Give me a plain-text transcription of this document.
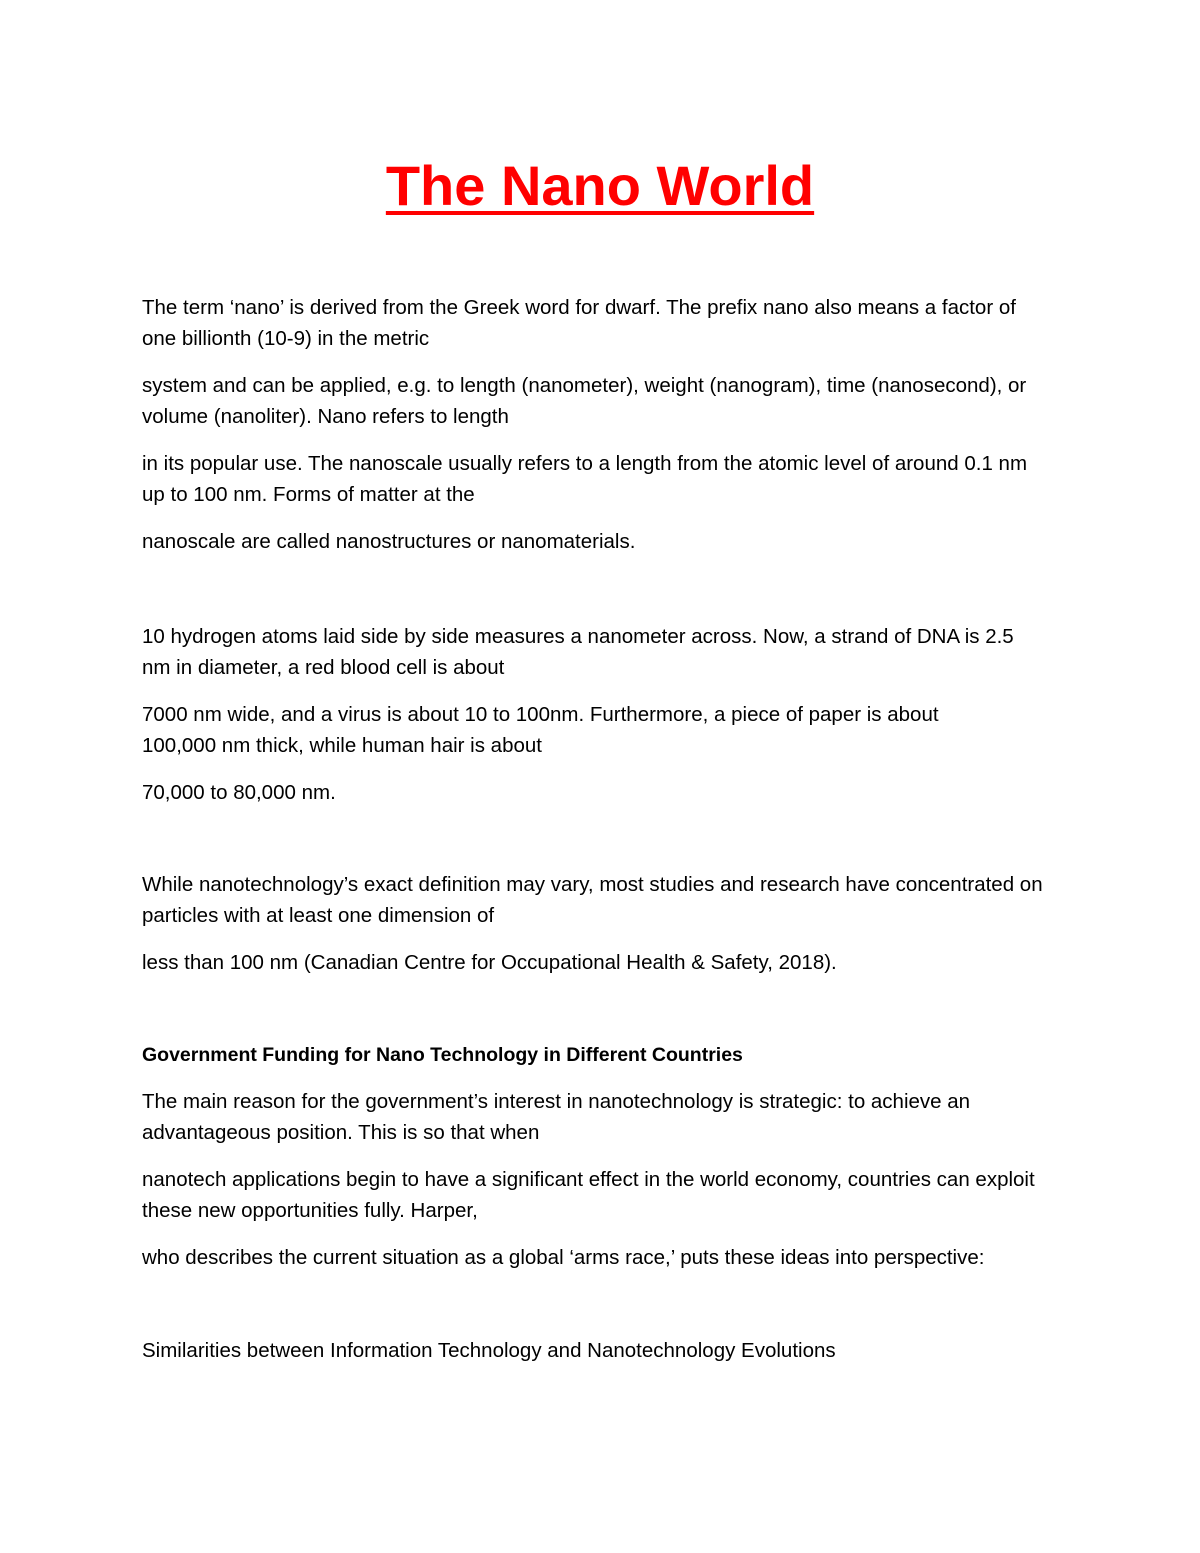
The Nano World

The term ‘nano’ is derived from the Greek word for dwarf. The prefix nano also means a factor of one billionth (10-9) in the metric

system and can be applied, e.g. to length (nanometer), weight (nanogram), time (nanosecond), or volume (nanoliter). Nano refers to length

in its popular use. The nanoscale usually refers to a length from the atomic level of around 0.1 nm up to 100 nm. Forms of matter at the

nanoscale are called nanostructures or nanomaterials.

10 hydrogen atoms laid side by side measures a nanometer across. Now, a strand of DNA is 2.5 nm in diameter, a red blood cell is about

7000 nm wide, and a virus is about 10 to 100nm. Furthermore, a piece of paper is about 100,000 nm thick, while human hair is about

70,000 to 80,000 nm.

While nanotechnology’s exact definition may vary, most studies and research have concentrated on particles with at least one dimension of

less than 100 nm (Canadian Centre for Occupational Health & Safety, 2018).

Government Funding for Nano Technology in Different Countries

The main reason for the government’s interest in nanotechnology is strategic: to achieve an advantageous position. This is so that when

nanotech applications begin to have a significant effect in the world economy, countries can exploit these new opportunities fully. Harper,

who describes the current situation as a global ‘arms race,’ puts these ideas into perspective:

Similarities between Information Technology and Nanotechnology Evolutions
